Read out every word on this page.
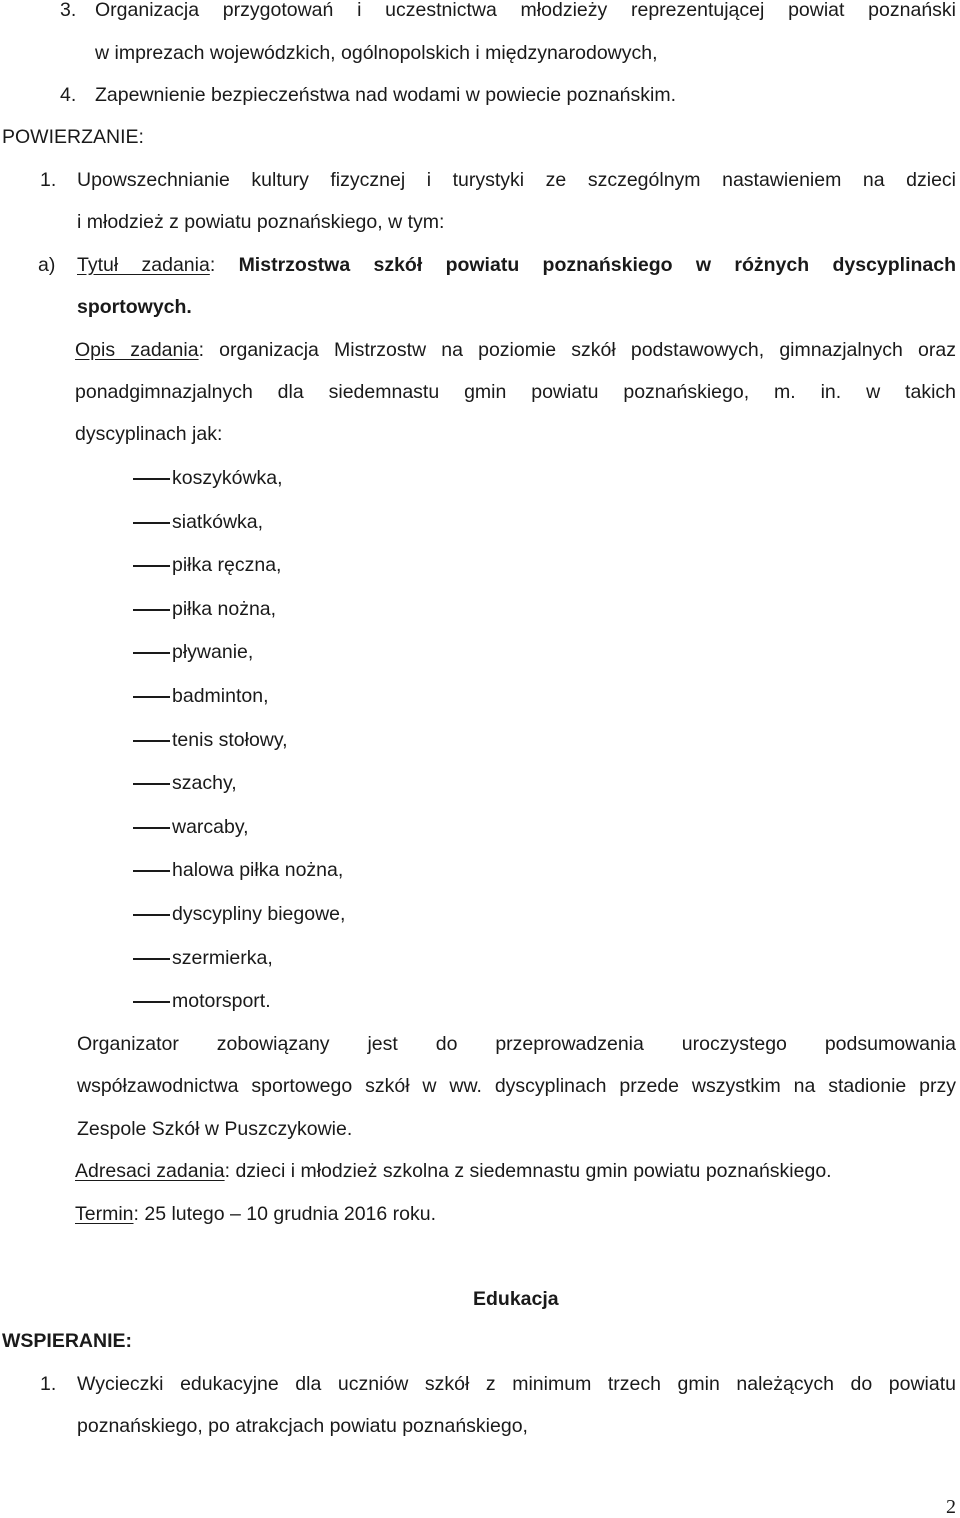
3. Organizacja przygotowań i uczestnictwa młodzieży reprezentującej powiat poznański
w imprezach wojewódzkich, ogólnopolskich i międzynarodowych,
4. Zapewnienie bezpieczeństwa nad wodami w powiecie poznańskim.
POWIERZANIE:
1. Upowszechnianie kultury fizycznej i turystyki ze szczególnym nastawieniem na dzieci
i młodzież z powiatu poznańskiego, w tym:
a) Tytuł zadania: Mistrzostwa szkół powiatu poznańskiego w różnych dyscyplinach
sportowych.
Opis zadania: organizacja Mistrzostw na poziomie szkół podstawowych, gimnazjalnych oraz
ponadgimnazjalnych dla siedemnastu gmin powiatu poznańskiego, m. in. w takich
dyscyplinach jak:
koszykówka,
siatkówka,
piłka ręczna,
piłka nożna,
pływanie,
badminton,
tenis stołowy,
szachy,
warcaby,
halowa piłka nożna,
dyscypliny biegowe,
szermierka,
motorsport.
Organizator zobowiązany jest do przeprowadzenia uroczystego podsumowania
współzawodnictwa sportowego szkół w ww. dyscyplinach przede wszystkim na stadionie przy
Zespole Szkół w Puszczykowie.
Adresaci zadania: dzieci i młodzież szkolna z siedemnastu gmin powiatu poznańskiego.
Termin: 25 lutego – 10 grudnia 2016 roku.
Edukacja
WSPIERANIE:
1. Wycieczki edukacyjne dla uczniów szkół z minimum trzech gmin należących do powiatu
poznańskiego, po atrakcjach powiatu poznańskiego,
2
